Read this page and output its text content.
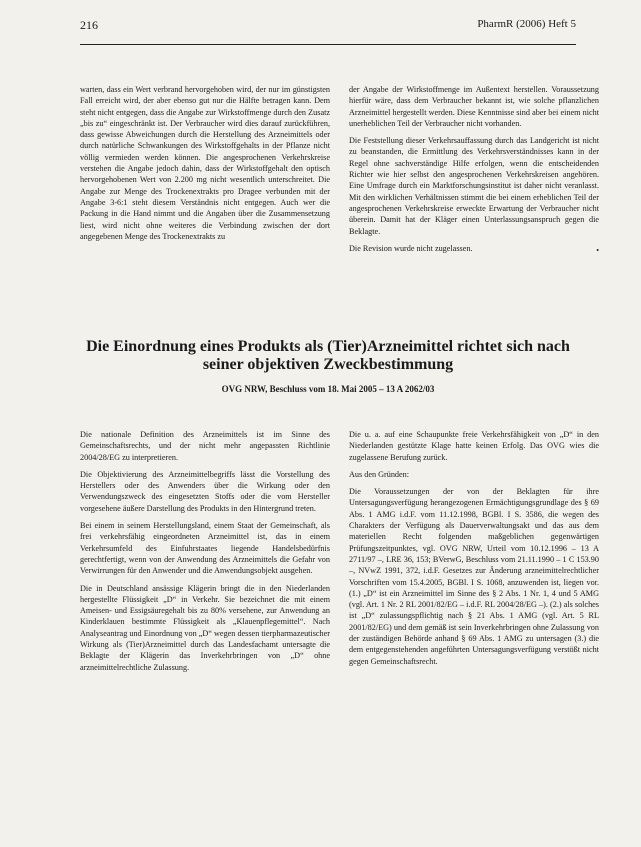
216	PharmR (2006) Heft 5

warten, dass ein Wert verbrand hervorgehoben wird, der nur im günstigsten Fall erreicht wird, der aber ebenso gut nur die Hälfte betragen kann. Dem steht nicht entgegen, dass die Angabe zur Wirkstoffmenge durch den Zusatz „bis zu“ eingeschränkt ist. Der Verbraucher wird dies darauf zurückführen, dass gewisse Abweichungen durch die Herstellung des Arzneimittels oder durch natürliche Schwankungen des Wirkstoffgehalts in der Pflanze nicht völlig vermieden werden können. Die angesprochenen Verkehrskreise verstehen die Angabe jedoch dahin, dass der Wirkstoffgehalt den optisch hervorgehobenen Wert von 2.200 mg nicht wesentlich unterschreitet. Die Angabe zur Menge des Trockenextrakts pro Dragee verbunden mit der Angabe 3-6:1 steht diesem Verständnis nicht entgegen. Auch wer die Packung in die Hand nimmt und die Angaben über die Zusammensetzung liest, wird nicht ohne weiteres die Verbindung zwischen der dort angegebenen Menge des Trockenextrakts zu

der Angabe der Wirkstoffmenge im Außentext herstellen. Voraussetzung hierfür wäre, dass dem Verbraucher bekannt ist, wie solche pflanzlichen Arzneimittel hergestellt werden. Diese Kenntnisse sind aber bei einem nicht unerheblichen Teil der Verbraucher nicht vorhanden.

Die Feststellung dieser Verkehrsauffassung durch das Landgericht ist nicht zu beanstanden, die Ermittlung des Verkehrsverständnisses kann in der Regel ohne sachverständige Hilfe erfolgen, wenn die entscheidenden Richter wie hier selbst den angesprochenen Verkehrskreisen angehören. Eine Umfrage durch ein Marktforschungsinstitut ist daher nicht veranlasst. Mit den wirklichen Verhältnissen stimmt die bei einem erheblichen Teil der angesprochenen Verkehrskreise erweckte Erwartung der Verbraucher nicht überein. Damit hat der Kläger einen Unterlassungsanspruch gegen die Beklagte.

Die Revision wurde nicht zugelassen.	•

Die Einordnung eines Produkts als (Tier)Arzneimittel richtet sich nach seiner objektiven Zweckbestimmung
OVG NRW, Beschluss vom 18. Mai 2005 – 13 A 2062/03

Die nationale Definition des Arzneimittels ist im Sinne des Gemeinschaftsrechts, und der nicht mehr angepassten Richtlinie 2004/28/EG zu interpretieren.

Die Objektivierung des Arzneimittelbegriffs lässt die Vorstellung des Herstellers oder des Anwenders über die Wirkung oder den Verwendungszweck des eingesetzten Stoffs oder die vom Hersteller vorgesehene äußere Darstellung des Produkts in den Hintergrund treten.

Bei einem in seinem Herstellungsland, einem Staat der Gemeinschaft, als frei verkehrsfähig eingeordneten Arzneimittel ist, das in einem Verkehrsumfeld des Einfuhrstaates liegende Handelsbedürfnis gerechtfertigt, wenn von der Anwendung des Arzneimittels die Gefahr von Verwirrungen für den Anwender und die Anwendungsobjekt ausgehen.

Die in Deutschland ansässige Klägerin bringt die in den Niederlanden hergestellte Flüssigkeit „D“ in Verkehr. Sie bezeichnet die mit einem Ameisen- und Essigsäuregehalt bis zu 80% versehene, zur Anwendung an Kinderklauen bestimmte Flüssigkeit als „Klauenpflegemittel“. Nach Analyseantrag und Einordnung von „D“ wegen dessen tierpharmazeutischer Wirkung als (Tier)Arzneimittel durch das Landesfachamt untersagte die Beklagte der Klägerin das Inverkehrbringen von „D“ ohne arzneimittelrechtliche Zulassung.

Die u. a. auf eine Schaupunkte freie Verkehrsfähigkeit von „D“ in den Niederlanden gestützte Klage hatte keinen Erfolg. Das OVG wies die zugelassene Berufung zurück.

Aus den Gründen:

Die Voraussetzungen der von der Beklagten für ihre Untersagungsverfügung herangezogenen Ermächtigungsgrundlage des § 69 Abs. 1 AMG i.d.F. vom 11.12.1998, BGBl. I S. 3586, die wegen des Charakters der Verfügung als Dauerverwaltungsakt und das aus dem materiellen Recht folgenden maßgeblichen gegenwärtigen Prüfungszeitpunktes, vgl. OVG NRW, Urteil vom 10.12.1996 – 13 A 2711/97 –, LRE 36, 153; BVerwG, Beschluss vom 21.11.1990 – 1 C 153.90 –, NVwZ 1991, 372, i.d.F. Gesetzes zur Änderung arzneimittelrechtlicher Vorschriften vom 15.4.2005, BGBl. I S. 1068, anzuwenden ist, liegen vor. (1.) „D“ ist ein Arzneimittel im Sinne des § 2 Abs. 1 Nr. 1, 4 und 5 AMG (vgl. Art. 1 Nr. 2 RL 2001/82/EG – i.d.F. RL 2004/28/EG –). (2.) als solches ist „D“ zulassungspflichtig nach § 21 Abs. 1 AMG (vgl. Art. 5 RL 2001/82/EG) und dem gemäß ist sein Inverkehrbringen ohne Zulassung von der zuständigen Behörde anhand § 69 Abs. 1 AMG zu untersagen (3.) die dem entgegenstehenden angeführten Untersagungsverfügung verstößt nicht gegen Gemeinschaftsrecht.
